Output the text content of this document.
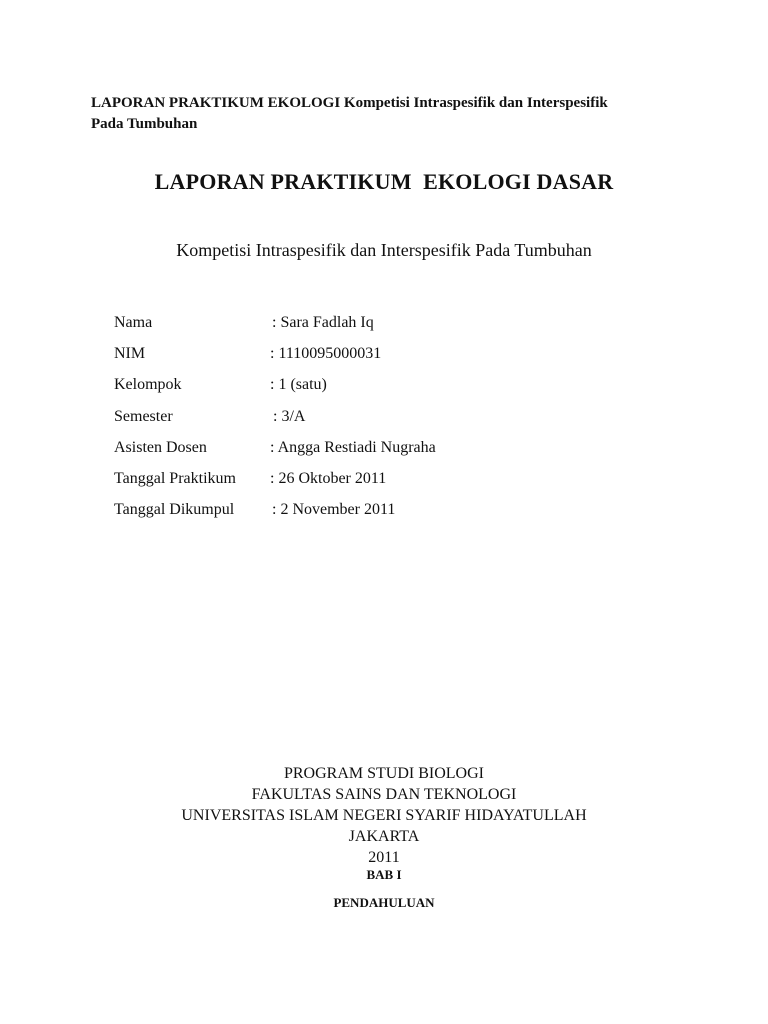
LAPORAN PRAKTIKUM EKOLOGI Kompetisi Intraspesifik dan Interspesifik
Pada Tumbuhan
LAPORAN PRAKTIKUM  EKOLOGI DASAR
Kompetisi Intraspesifik dan Interspesifik Pada Tumbuhan
Nama	: Sara Fadlah Iq
NIM	: 1110095000031
Kelompok	: 1 (satu)
Semester	: 3/A
Asisten Dosen	: Angga Restiadi Nugraha
Tanggal Praktikum : 26 Oktober 2011
Tanggal Dikumpul : 2 November 2011
PROGRAM STUDI BIOLOGI
FAKULTAS SAINS DAN TEKNOLOGI
UNIVERSITAS ISLAM NEGERI SYARIF HIDAYATULLAH
JAKARTA
2011
BAB I
PENDAHULUAN
